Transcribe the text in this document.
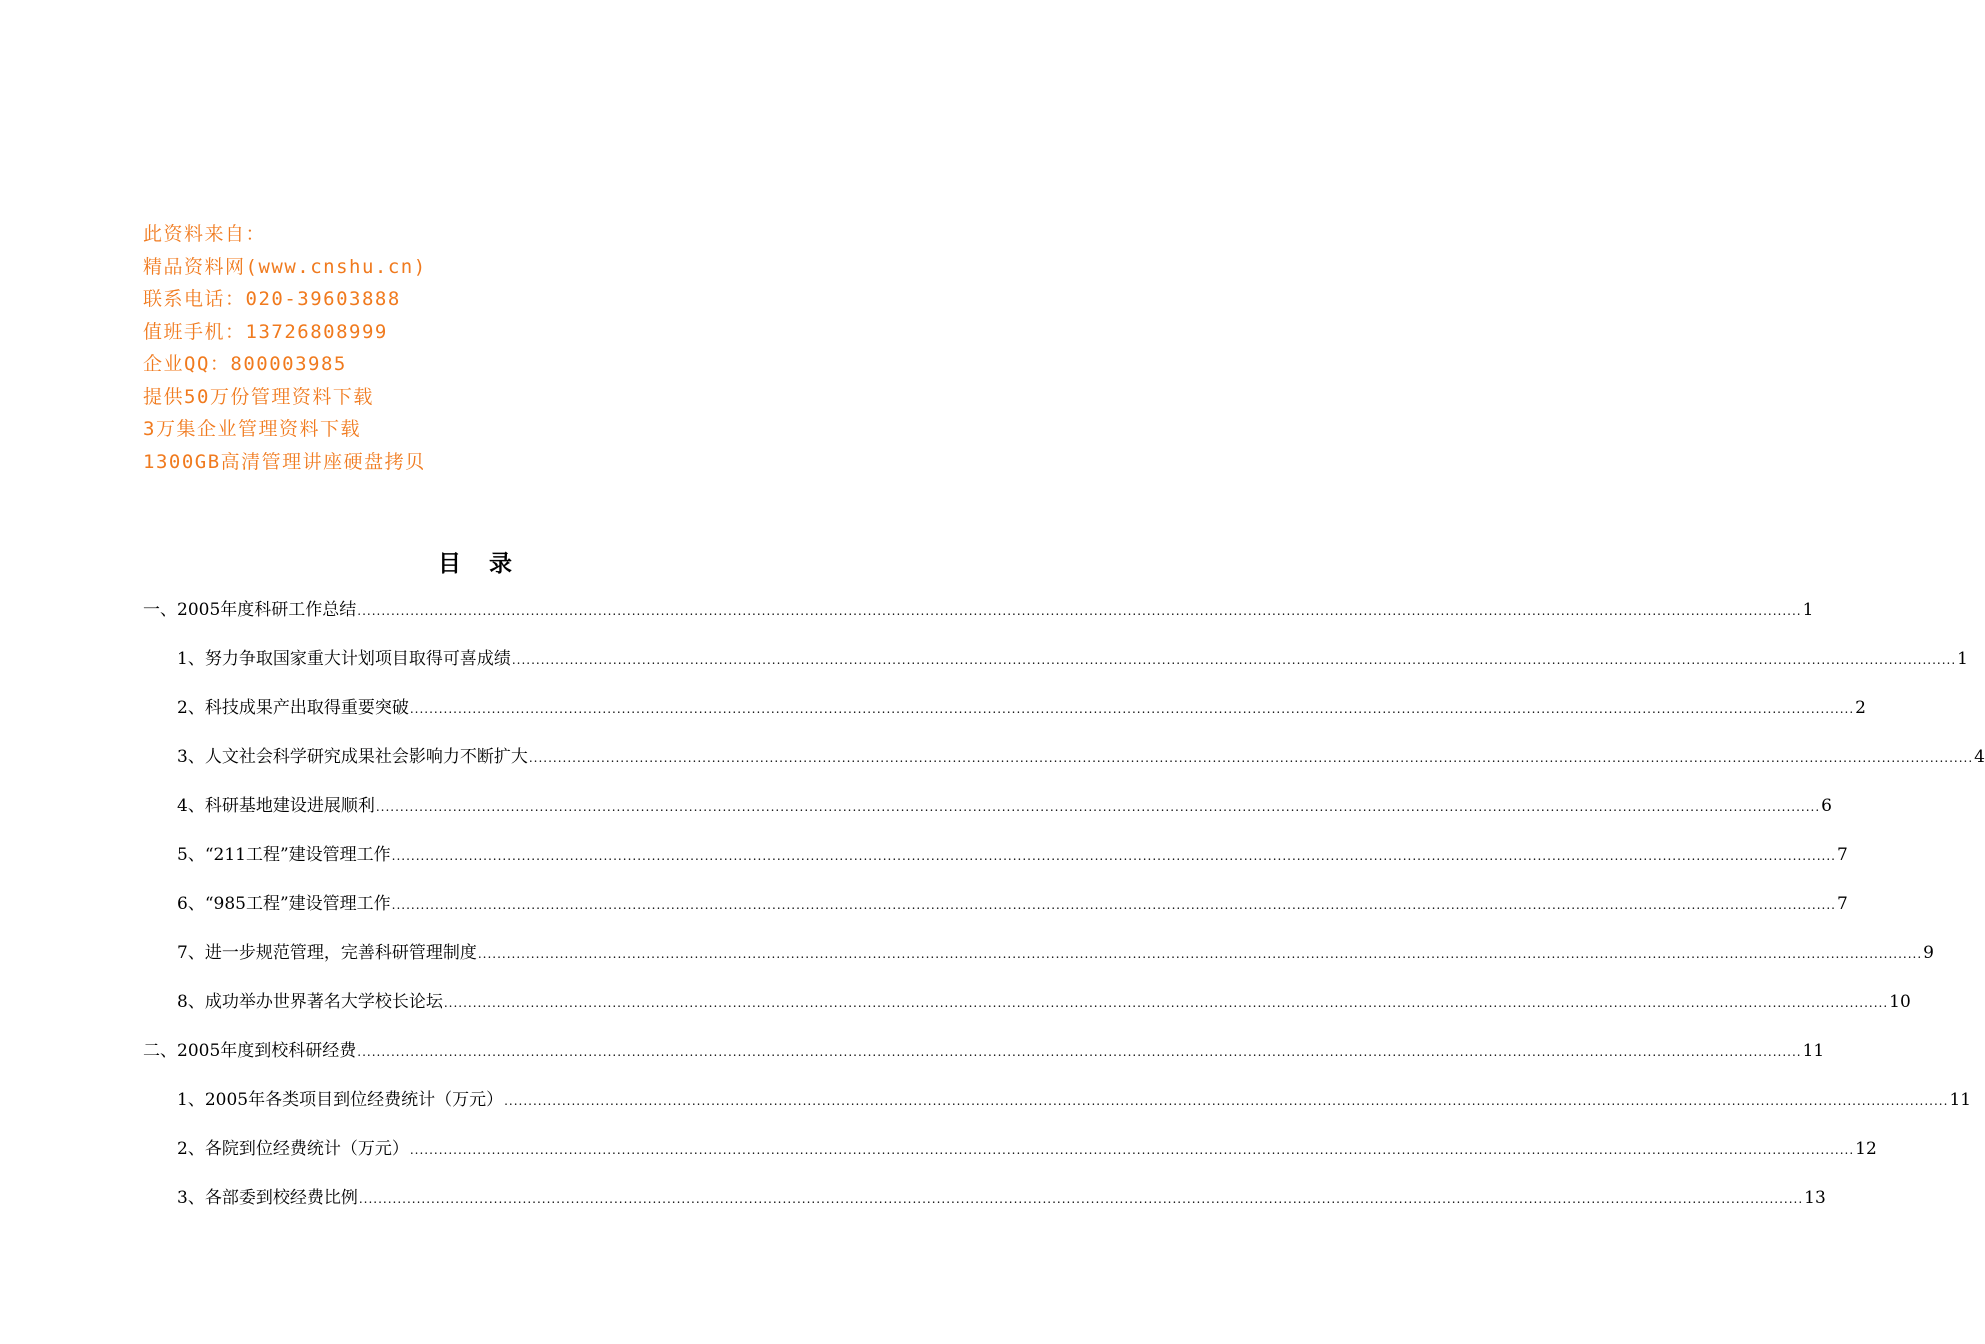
此资料来自：
精品资料网(www.cnshu.cn)
联系电话：020-39603888
值班手机：13726808999
企业QQ：800003985
提供50万份管理资料下载
3万集企业管理资料下载
1300GB高清管理讲座硬盘拷贝
目录
一、2005年度科研工作总结 ............................................................................................................................................................................................................................................................................................................ 1
1、努力争取国家重大计划项目取得可喜成绩 ............................................................................................................................................................................................................................................................................................................ 1
2、科技成果产出取得重要突破 ............................................................................................................................................................................................................................................................................................................ 2
3、人文社会科学研究成果社会影响力不断扩大 ............................................................................................................................................................................................................................................................................................................ 4
4、科研基地建设进展顺利 ............................................................................................................................................................................................................................................................................................................ 6
5、“211工程”建设管理工作 ............................................................................................................................................................................................................................................................................................................ 7
6、“985工程”建设管理工作 ............................................................................................................................................................................................................................................................................................................ 7
7、进一步规范管理，完善科研管理制度 ............................................................................................................................................................................................................................................................................................................ 9
8、成功举办世界著名大学校长论坛 ............................................................................................................................................................................................................................................................................................................ 10
二、2005年度到校科研经费 ............................................................................................................................................................................................................................................................................................................ 11
1、2005年各类项目到位经费统计（万元） ............................................................................................................................................................................................................................................................................................................ 11
2、各院到位经费统计（万元） ............................................................................................................................................................................................................................................................................................................ 12
3、各部委到校经费比例 ............................................................................................................................................................................................................................................................................................................ 13
